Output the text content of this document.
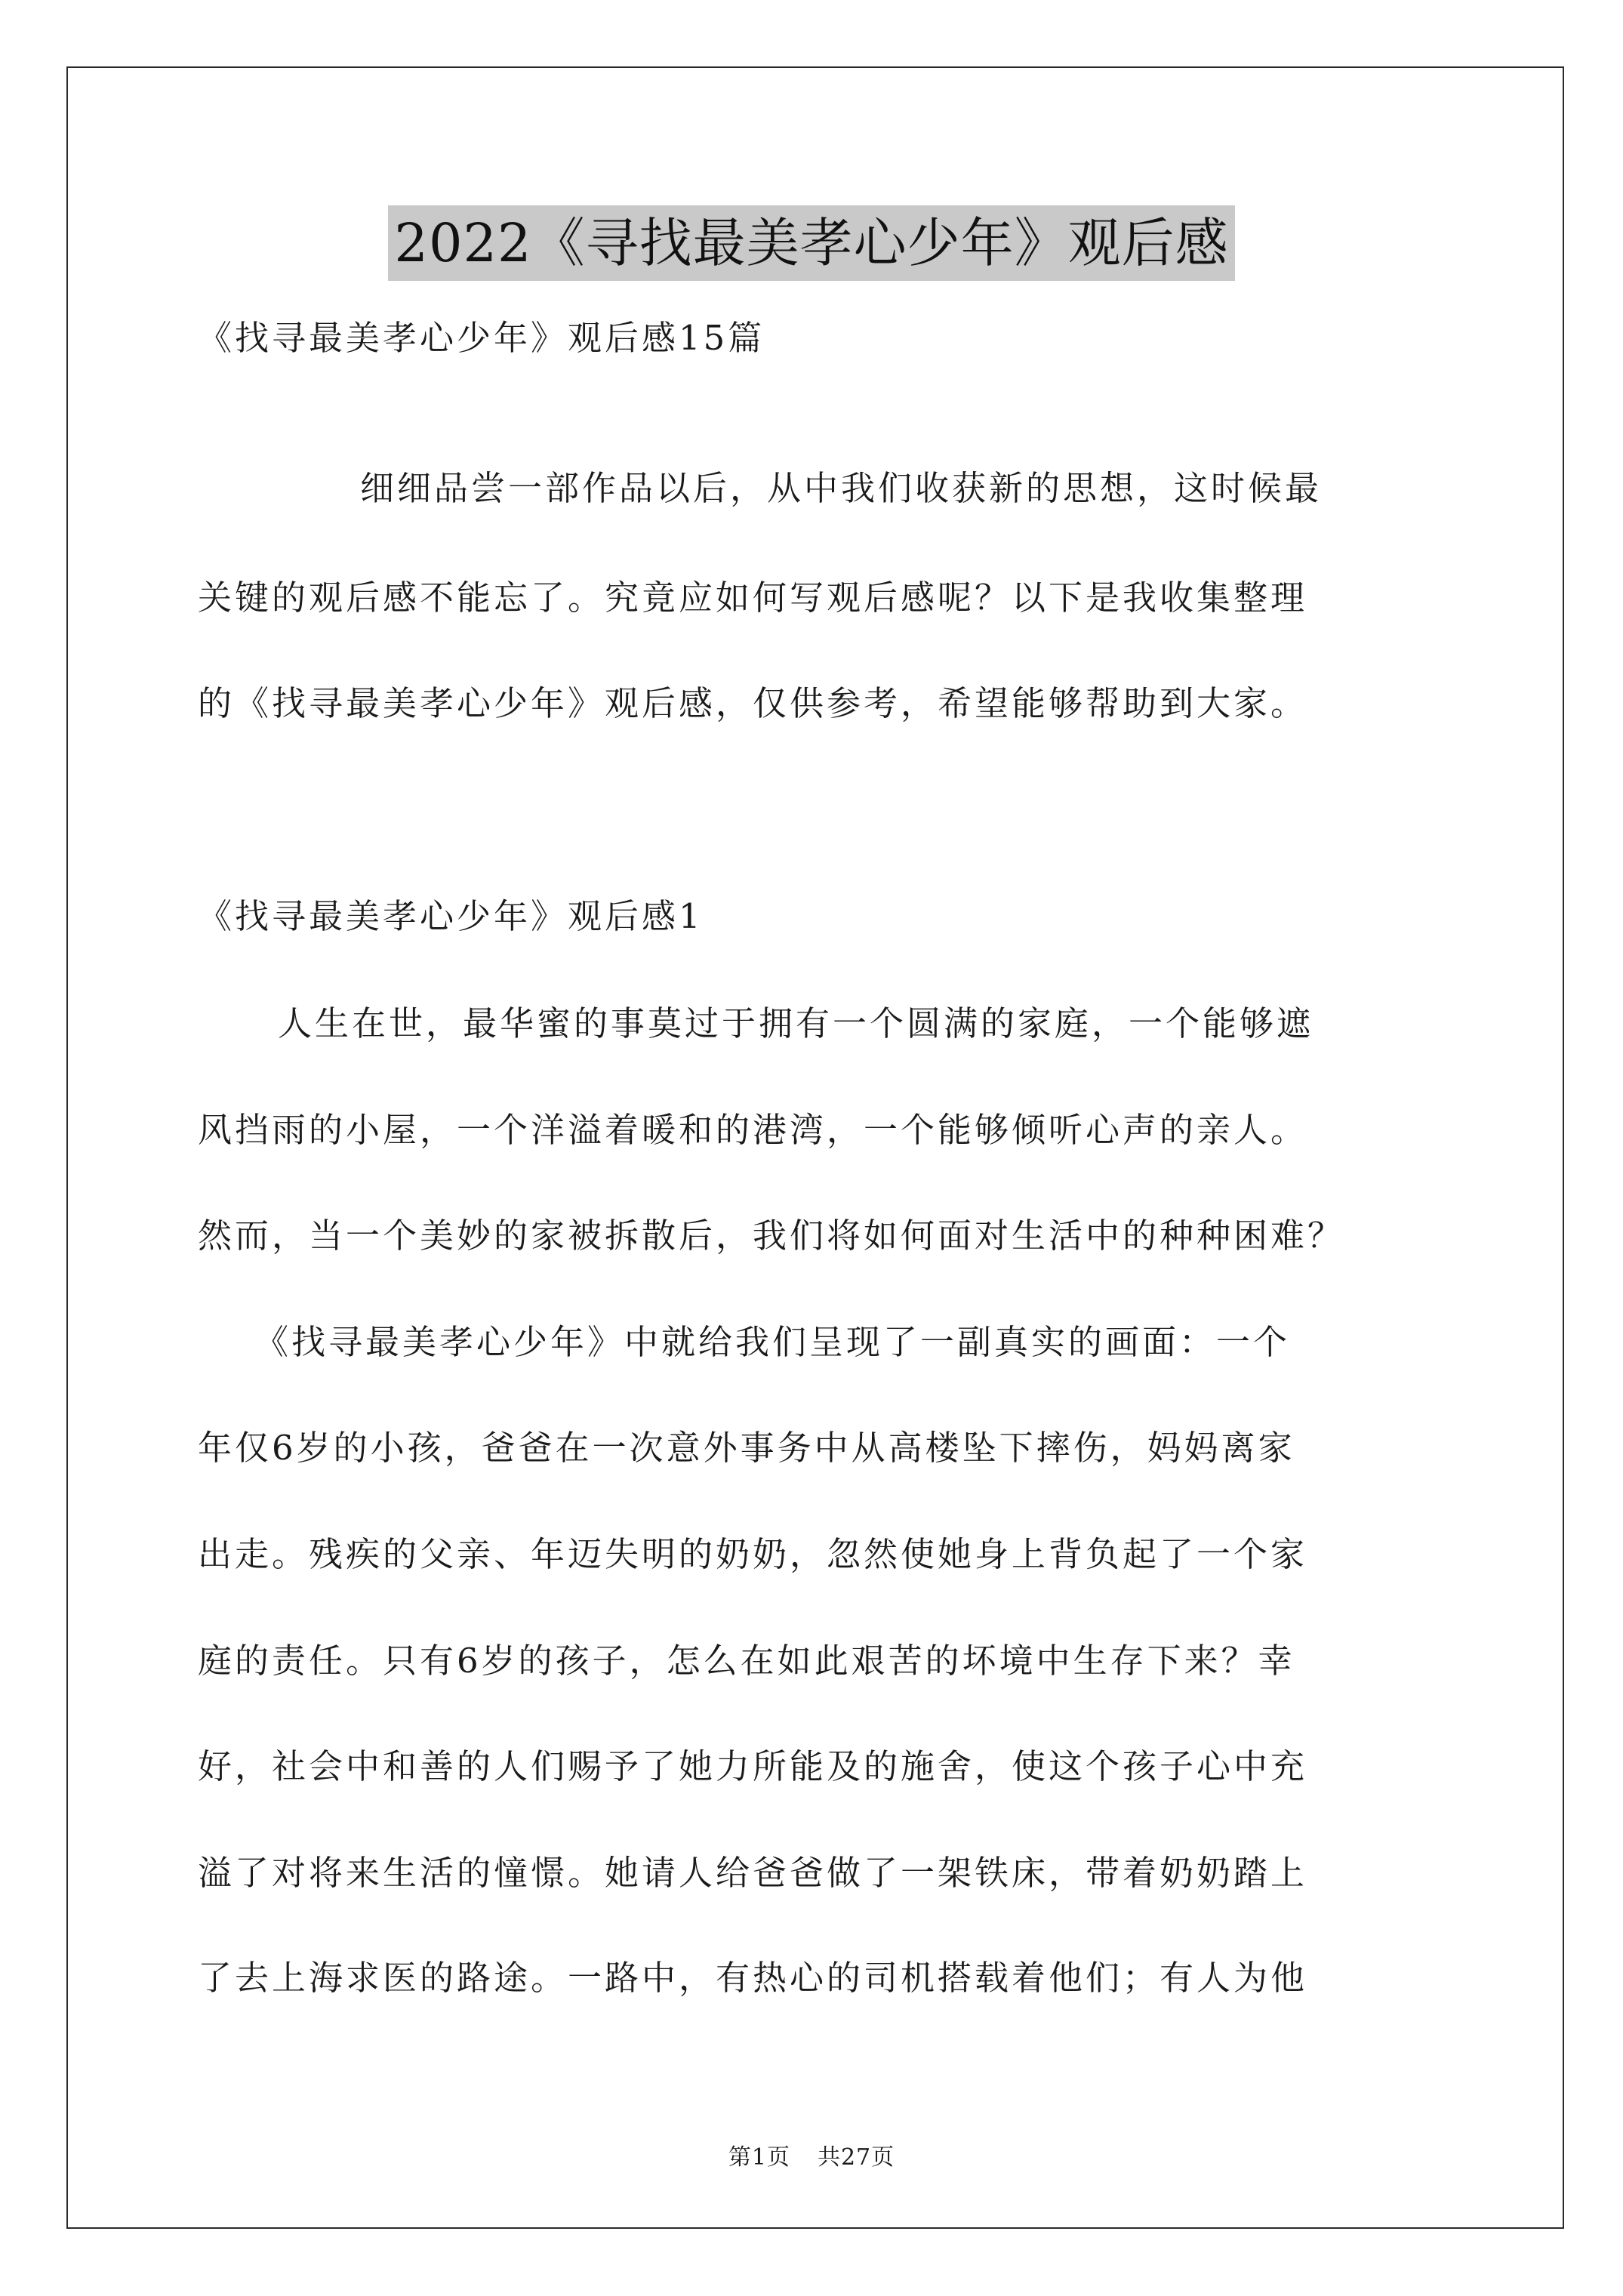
2022《寻找最美孝心少年》观后感
《找寻最美孝心少年》观后感15篇
细细品尝一部作品以后，从中我们收获新的思想，这时候最
关键的观后感不能忘了。究竟应如何写观后感呢？以下是我收集整理
的《找寻最美孝心少年》观后感，仅供参考，希望能够帮助到大家。
《找寻最美孝心少年》观后感1
人生在世，最华蜜的事莫过于拥有一个圆满的家庭，一个能够遮
风挡雨的小屋，一个洋溢着暖和的港湾，一个能够倾听心声的亲人。
然而，当一个美妙的家被拆散后，我们将如何面对生活中的种种困难？
《找寻最美孝心少年》中就给我们呈现了一副真实的画面：一个
年仅6岁的小孩，爸爸在一次意外事务中从高楼坠下摔伤，妈妈离家
出走。残疾的父亲、年迈失明的奶奶，忽然使她身上背负起了一个家
庭的责任。只有6岁的孩子，怎么在如此艰苦的坏境中生存下来？幸
好，社会中和善的人们赐予了她力所能及的施舍，使这个孩子心中充
溢了对将来生活的憧憬。她请人给爸爸做了一架铁床，带着奶奶踏上
了去上海求医的路途。一路中，有热心的司机搭载着他们；有人为他
第1页 共27页
